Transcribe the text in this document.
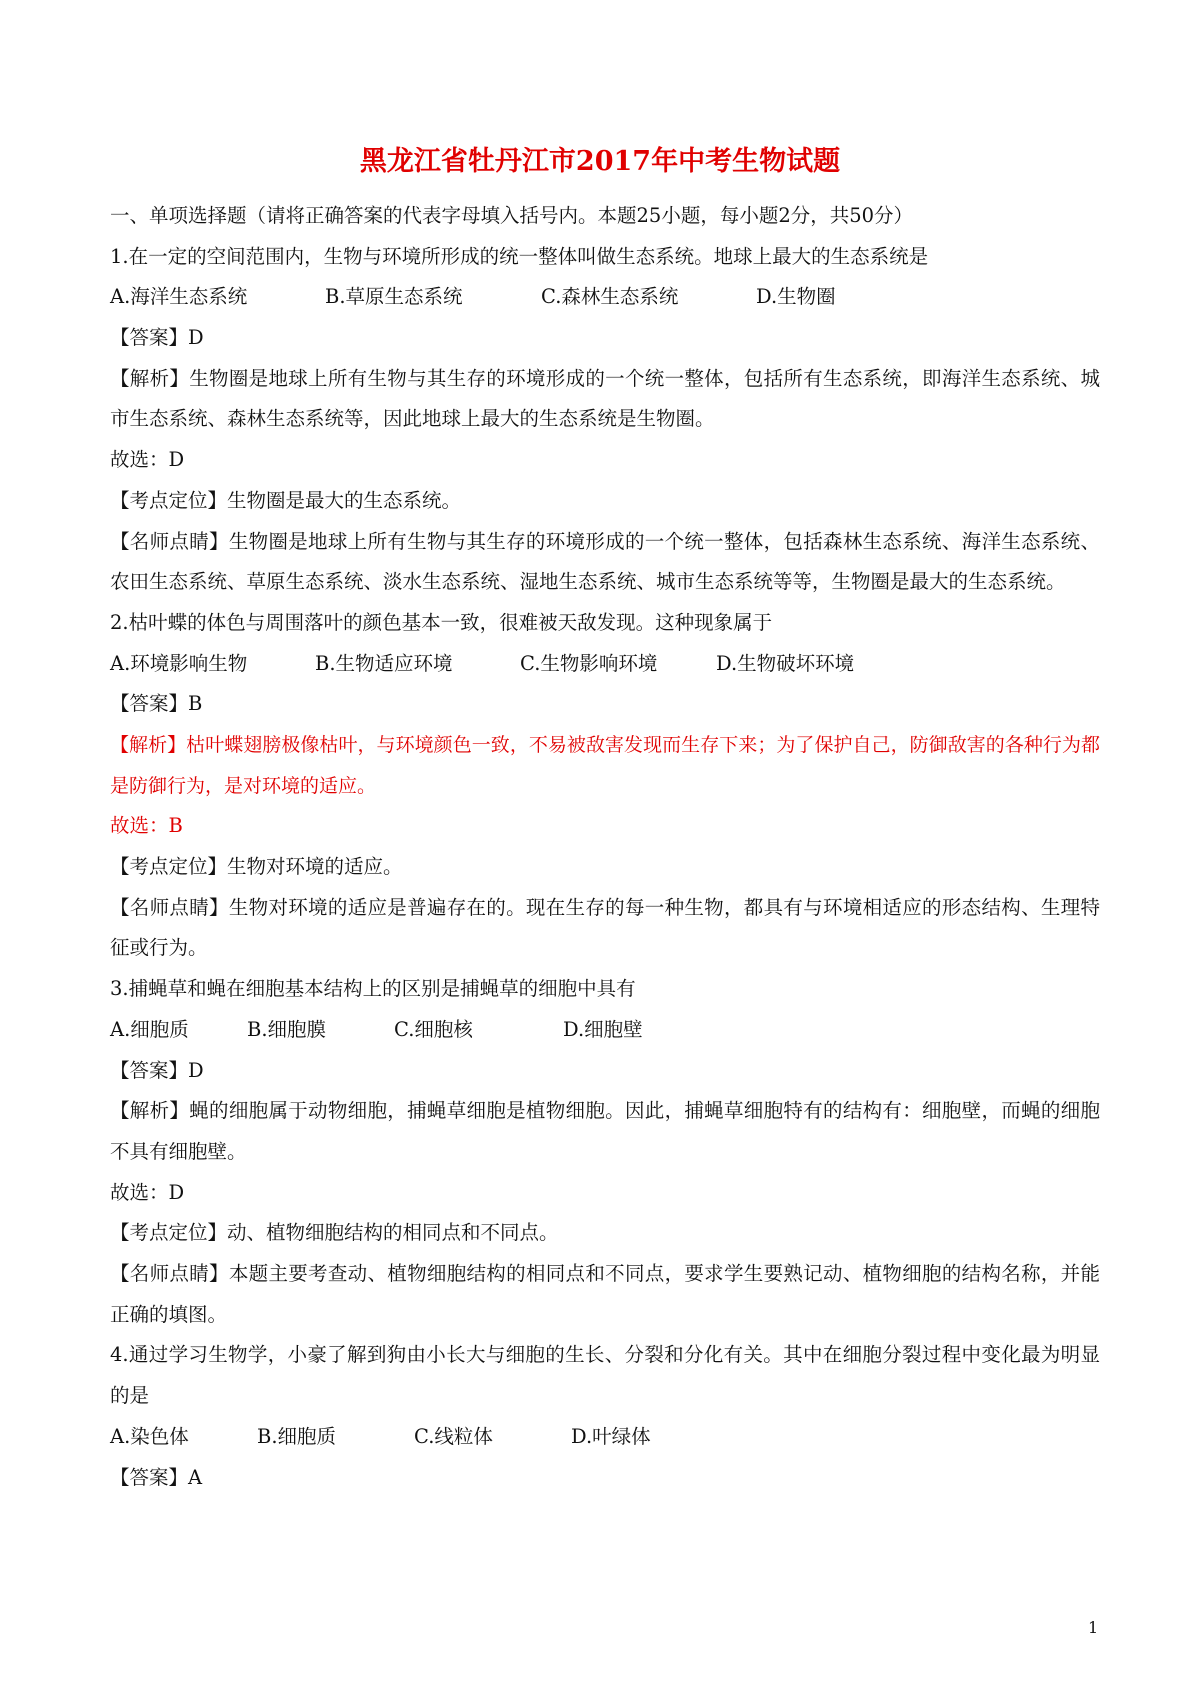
黑龙江省牡丹江市2017年中考生物试题
一、单项选择题（请将正确答案的代表字母填入括号内。本题25小题，每小题2分，共50分）
1.在一定的空间范围内，生物与环境所形成的统一整体叫做生态系统。地球上最大的生态系统是
A.海洋生态系统	B.草原生态系统	C.森林生态系统	D.生物圈
【答案】D
【解析】生物圈是地球上所有生物与其生存的环境形成的一个统一整体，包括所有生态系统，即海洋生态系统、城市生态系统、森林生态系统等，因此地球上最大的生态系统是生物圈。
故选：D
【考点定位】生物圈是最大的生态系统。
【名师点睛】生物圈是地球上所有生物与其生存的环境形成的一个统一整体，包括森林生态系统、海洋生态系统、农田生态系统、草原生态系统、淡水生态系统、湿地生态系统、城市生态系统等等，生物圈是最大的生态系统。
2.枯叶蝶的体色与周围落叶的颜色基本一致，很难被天敌发现。这种现象属于
A.环境影响生物	B.生物适应环境	C.生物影响环境	D.生物破坏环境
【答案】B
【解析】枯叶蝶翅膀极像枯叶，与环境颜色一致，不易被敌害发现而生存下来；为了保护自己，防御敌害的各种行为都是防御行为，是对环境的适应。
故选：B
【考点定位】生物对环境的适应。
【名师点睛】生物对环境的适应是普遍存在的。现在生存的每一种生物，都具有与环境相适应的形态结构、生理特征或行为。
3.捕蝇草和蝇在细胞基本结构上的区别是捕蝇草的细胞中具有
A.细胞质	B.细胞膜	C.细胞核	D.细胞壁
【答案】D
【解析】蝇的细胞属于动物细胞，捕蝇草细胞是植物细胞。因此，捕蝇草细胞特有的结构有：细胞壁，而蝇的细胞不具有细胞壁。
故选：D
【考点定位】动、植物细胞结构的相同点和不同点。
【名师点睛】本题主要考查动、植物细胞结构的相同点和不同点，要求学生要熟记动、植物细胞的结构名称，并能正确的填图。
4.通过学习生物学，小豪了解到狗由小长大与细胞的生长、分裂和分化有关。其中在细胞分裂过程中变化最为明显的是
A.染色体	B.细胞质	C.线粒体	D.叶绿体
【答案】A
1
